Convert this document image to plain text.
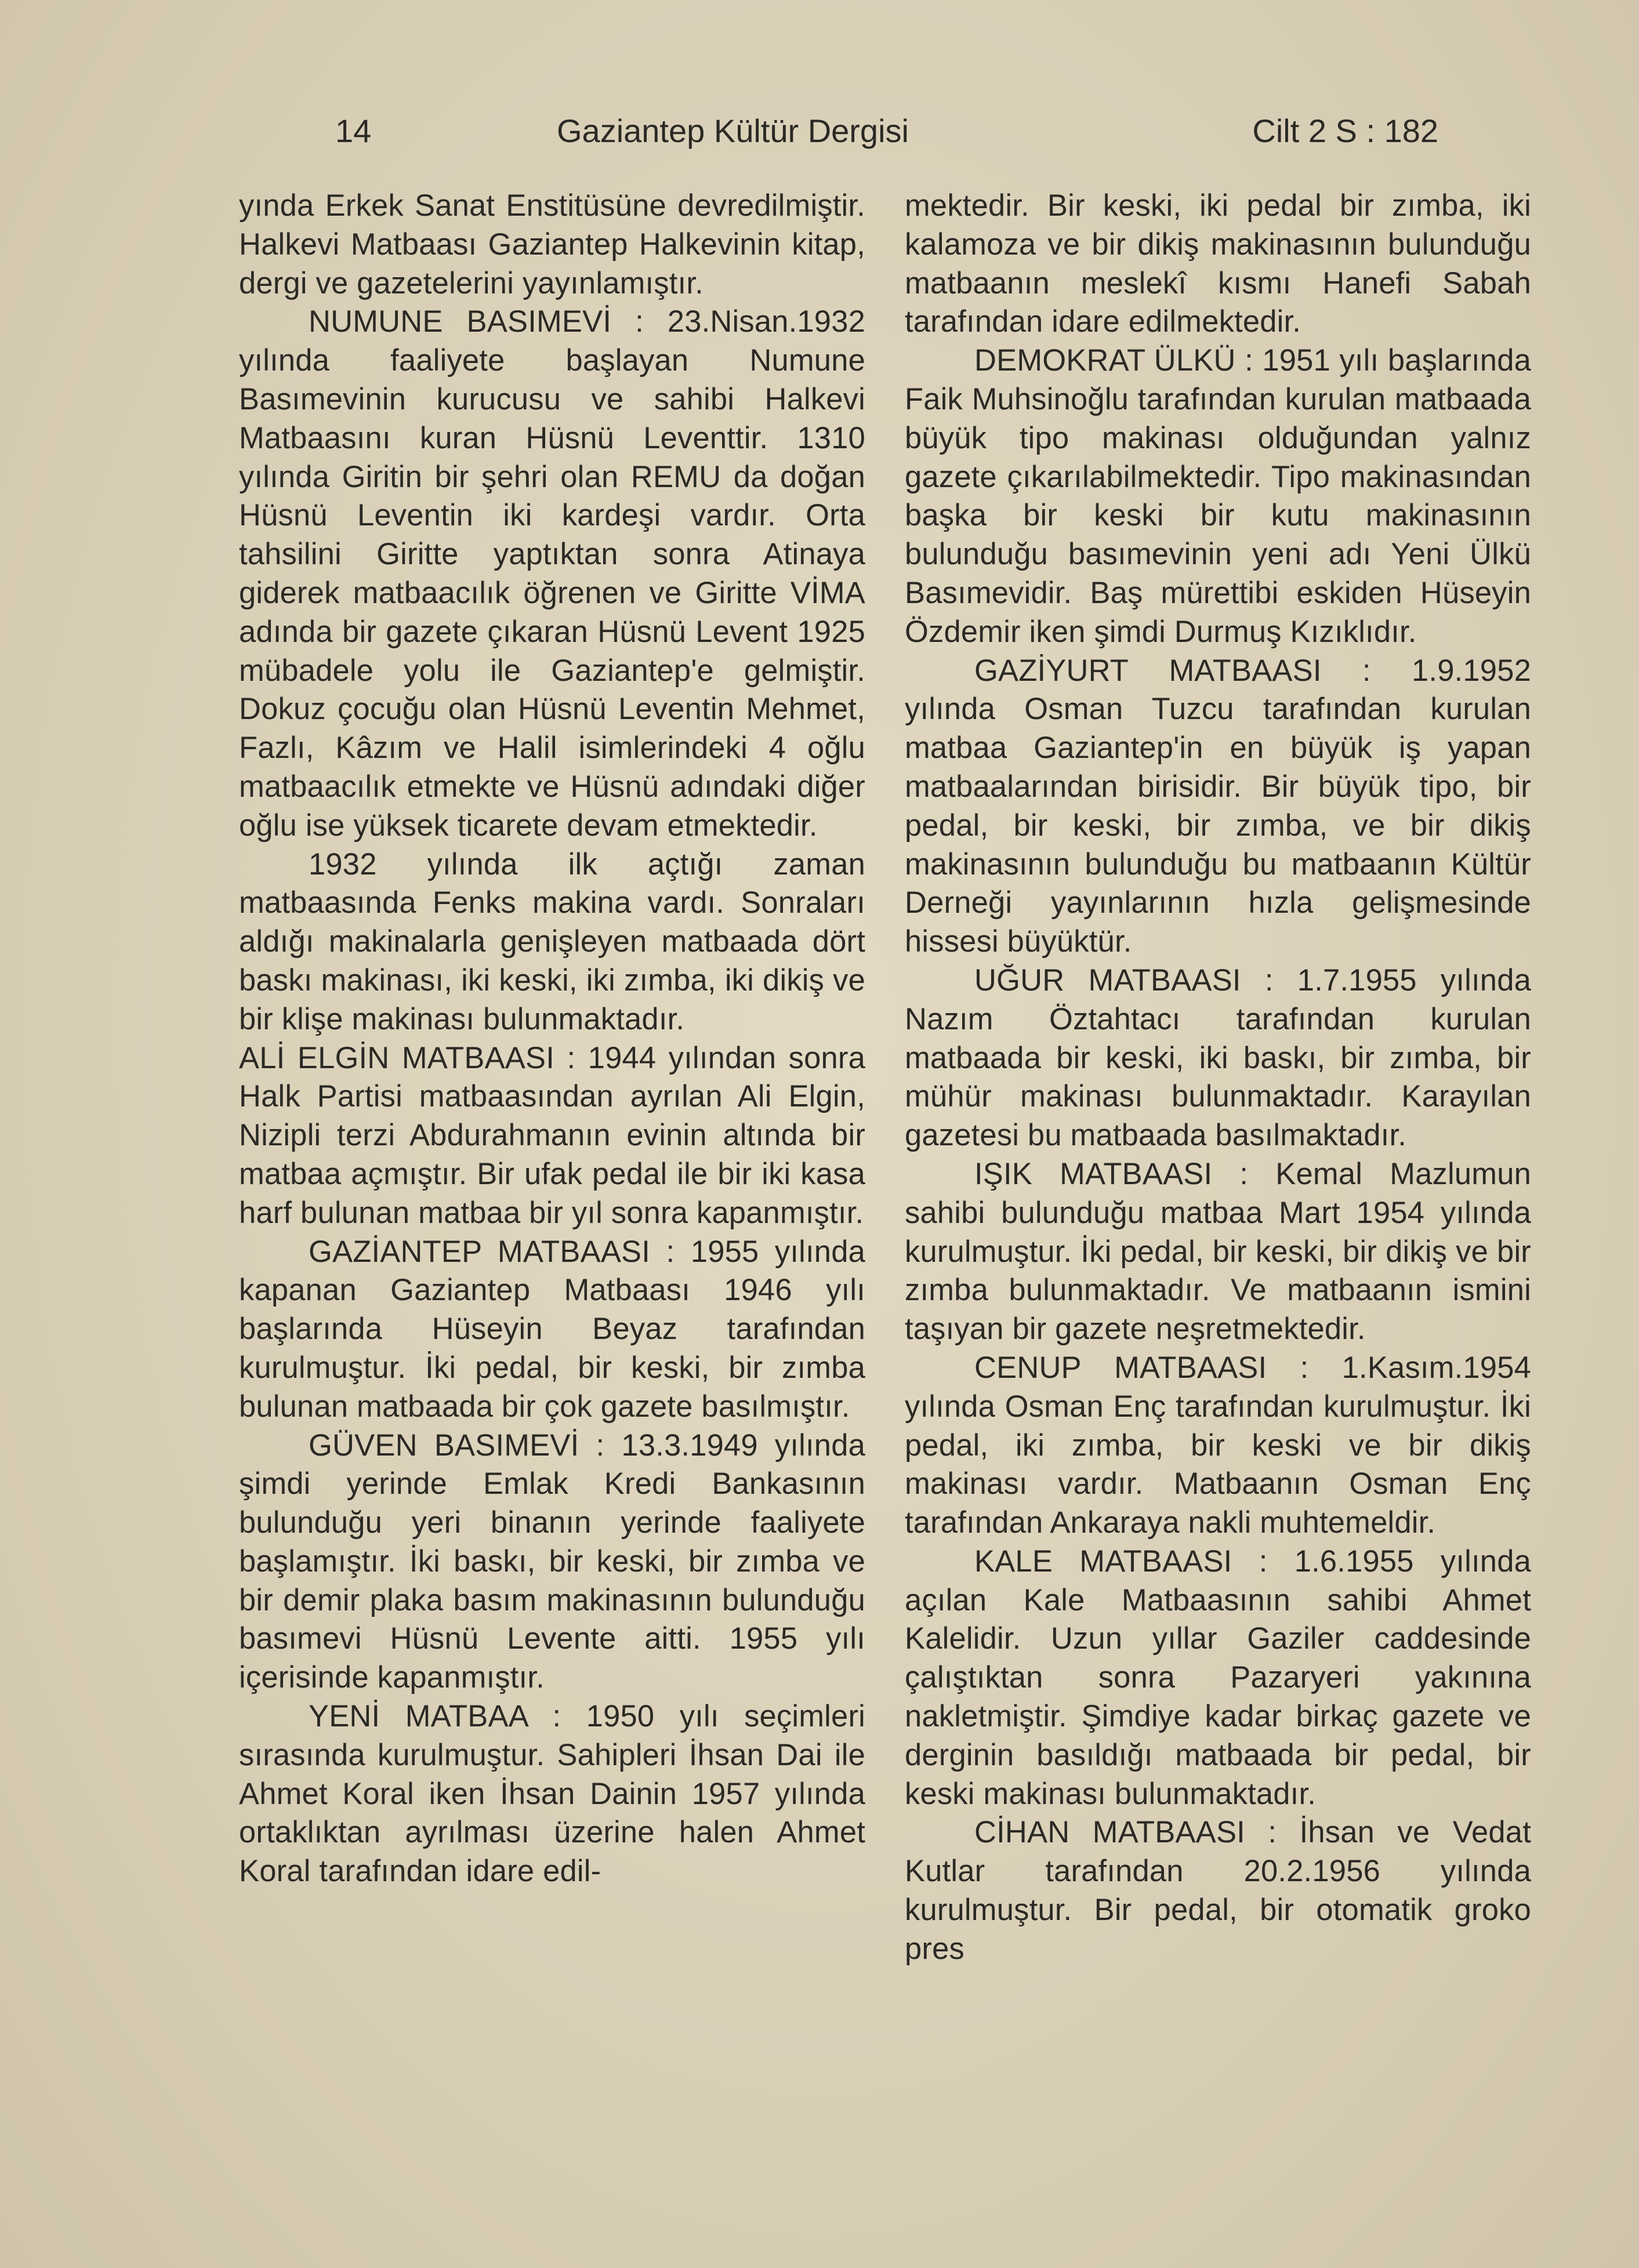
14	Gaziantep Kültür Dergisi	Cilt 2 S : 182

yında Erkek Sanat Enstitüsüne devredilmiştir. Halkevi Matbaası Gaziantep Halkevinin kitap, dergi ve gazetelerini yayınlamıştır.

NUMUNE BASIMEVİ : 23.Nisan.1932 yılında faaliyete başlayan Numune Basımevinin kurucusu ve sahibi Halkevi Matbaasını kuran Hüsnü Leventtir. 1310 yılında Giritin bir şehri olan REMU da doğan Hüsnü Leventin iki kardeşi vardır. Orta tahsilini Giritte yaptıktan sonra Atinaya giderek matbaacılık öğrenen ve Giritte VİMA adında bir gazete çıkaran Hüsnü Levent 1925 mübadele yolu ile Gaziantep'e gelmiştir. Dokuz çocuğu olan Hüsnü Leventin Mehmet, Fazlı, Kâzım ve Halil isimlerindeki 4 oğlu matbaacılık etmekte ve Hüsnü adındaki diğer oğlu ise yüksek ticarete devam etmektedir.

1932 yılında ilk açtığı zaman matbaasında Fenks makina vardı. Sonraları aldığı makinalarla genişleyen matbaada dört baskı makinası, iki keski, iki zımba, iki dikiş ve bir klişe makinası bulunmaktadır.

ALİ ELGİN MATBAASI : 1944 yılından sonra Halk Partisi matbaasından ayrılan Ali Elgin, Nizipli terzi Abdurahmanın evinin altında bir matbaa açmıştır. Bir ufak pedal ile bir iki kasa harf bulunan matbaa bir yıl sonra kapanmıştır.

GAZİANTEP MATBAASI : 1955 yılında kapanan Gaziantep Matbaası 1946 yılı başlarında Hüseyin Beyaz tarafından kurulmuştur. İki pedal, bir keski, bir zımba bulunan matbaada bir çok gazete basılmıştır.

GÜVEN BASIMEVİ : 13.3.1949 yılında şimdi yerinde Emlak Kredi Bankasının bulunduğu yeri binanın yerinde faaliyete başlamıştır. İki baskı, bir keski, bir zımba ve bir demir plaka basım makinasının bulunduğu basımevi Hüsnü Levente aitti. 1955 yılı içerisinde kapanmıştır.

YENİ MATBAA : 1950 yılı seçimleri sırasında kurulmuştur. Sahipleri İhsan Dai ile Ahmet Koral iken İhsan Dainin 1957 yılında ortaklıktan ayrılması üzerine halen Ahmet Koral tarafından idare edil-

mektedir. Bir keski, iki pedal bir zımba, iki kalamoza ve bir dikiş makinasının bulunduğu matbaanın meslekî kısmı Hanefi Sabah tarafından idare edilmektedir.

DEMOKRAT ÜLKÜ : 1951 yılı başlarında Faik Muhsinoğlu tarafından kurulan matbaada büyük tipo makinası olduğundan yalnız gazete çıkarılabilmektedir. Tipo makinasından başka bir keski bir kutu makinasının bulunduğu basımevinin yeni adı Yeni Ülkü Basımevidir. Baş mürettibi eskiden Hüseyin Özdemir iken şimdi Durmuş Kızıklıdır.

GAZİYURT MATBAASI : 1.9.1952 yılında Osman Tuzcu tarafından kurulan matbaa Gaziantep'in en büyük iş yapan matbaalarından birisidir. Bir büyük tipo, bir pedal, bir keski, bir zımba, ve bir dikiş makinasının bulunduğu bu matbaanın Kültür Derneği yayınlarının hızla gelişmesinde hissesi büyüktür.

UĞUR MATBAASI : 1.7.1955 yılında Nazım Öztahtacı tarafından kurulan matbaada bir keski, iki baskı, bir zımba, bir mühür makinası bulunmaktadır. Karayılan gazetesi bu matbaada basılmaktadır.

IŞIK MATBAASI : Kemal Mazlumun sahibi bulunduğu matbaa Mart 1954 yılında kurulmuştur. İki pedal, bir keski, bir dikiş ve bir zımba bulunmaktadır. Ve matbaanın ismini taşıyan bir gazete neşretmektedir.

CENUP MATBAASI : 1.Kasım.1954 yılında Osman Enç tarafından kurulmuştur. İki pedal, iki zımba, bir keski ve bir dikiş makinası vardır. Matbaanın Osman Enç tarafından Ankaraya nakli muhtemeldir.

KALE MATBAASI : 1.6.1955 yılında açılan Kale Matbaasının sahibi Ahmet Kalelidir. Uzun yıllar Gaziler caddesinde çalıştıktan sonra Pazaryeri yakınına nakletmiştir. Şimdiye kadar birkaç gazete ve derginin basıldığı matbaada bir pedal, bir keski makinası bulunmaktadır.

CİHAN MATBAASI : İhsan ve Vedat Kutlar tarafından 20.2.1956 yılında kurulmuştur. Bir pedal, bir otomatik groko pres
